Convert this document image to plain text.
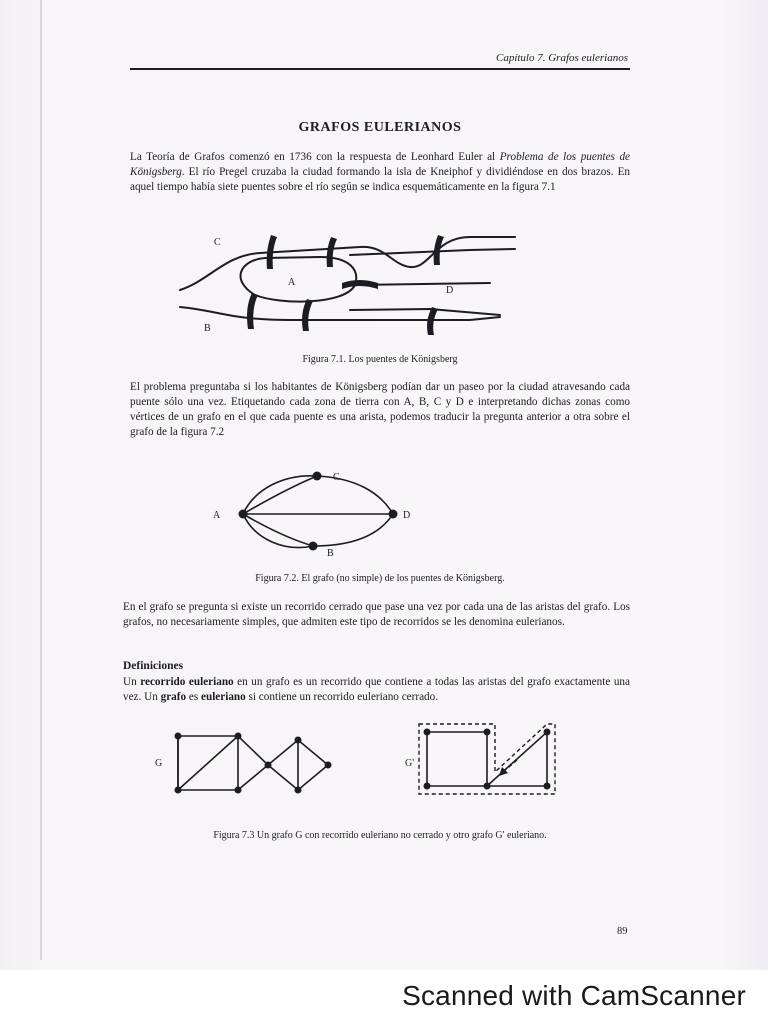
Capítulo 7. Grafos eulerianos
GRAFOS EULERIANOS

La Teoría de Grafos comenzó en 1736 con la respuesta de Leonhard Euler al Problema de los puentes de Königsberg. El río Pregel cruzaba la ciudad formando la isla de Kneiphof y dividiéndose en dos brazos. En aquel tiempo había siete puentes sobre el río según se indica esquemáticamente en la figura 7.1

C
A
D
B
Figura 7.1. Los puentes de Königsberg

El problema preguntaba si los habitantes de Königsberg podían dar un paseo por la ciudad atravesando cada puente sólo una vez. Etiquetando cada zona de tierra con A, B, C y D e interpretando dichas zonas como vértices de un grafo en el que cada puente es una arista, podemos traducir la pregunta anterior a otra sobre el grafo de la figura 7.2

A
C
D
B
Figura 7.2. El grafo (no simple) de los puentes de Königsberg.

En el grafo se pregunta si existe un recorrido cerrado que pase una vez por cada una de las aristas del grafo. Los grafos, no necesariamente simples, que admiten este tipo de recorridos se les denomina eulerianos.

Definiciones

Un recorrido euleriano en un grafo es un recorrido que contiene a todas las aristas del grafo exactamente una vez. Un grafo es euleriano si contiene un recorrido euleriano cerrado.

G	G'
Figura 7.3 Un grafo G con recorrido euleriano no cerrado y otro grafo G' euleriano.
89
Scanned with CamScanner
